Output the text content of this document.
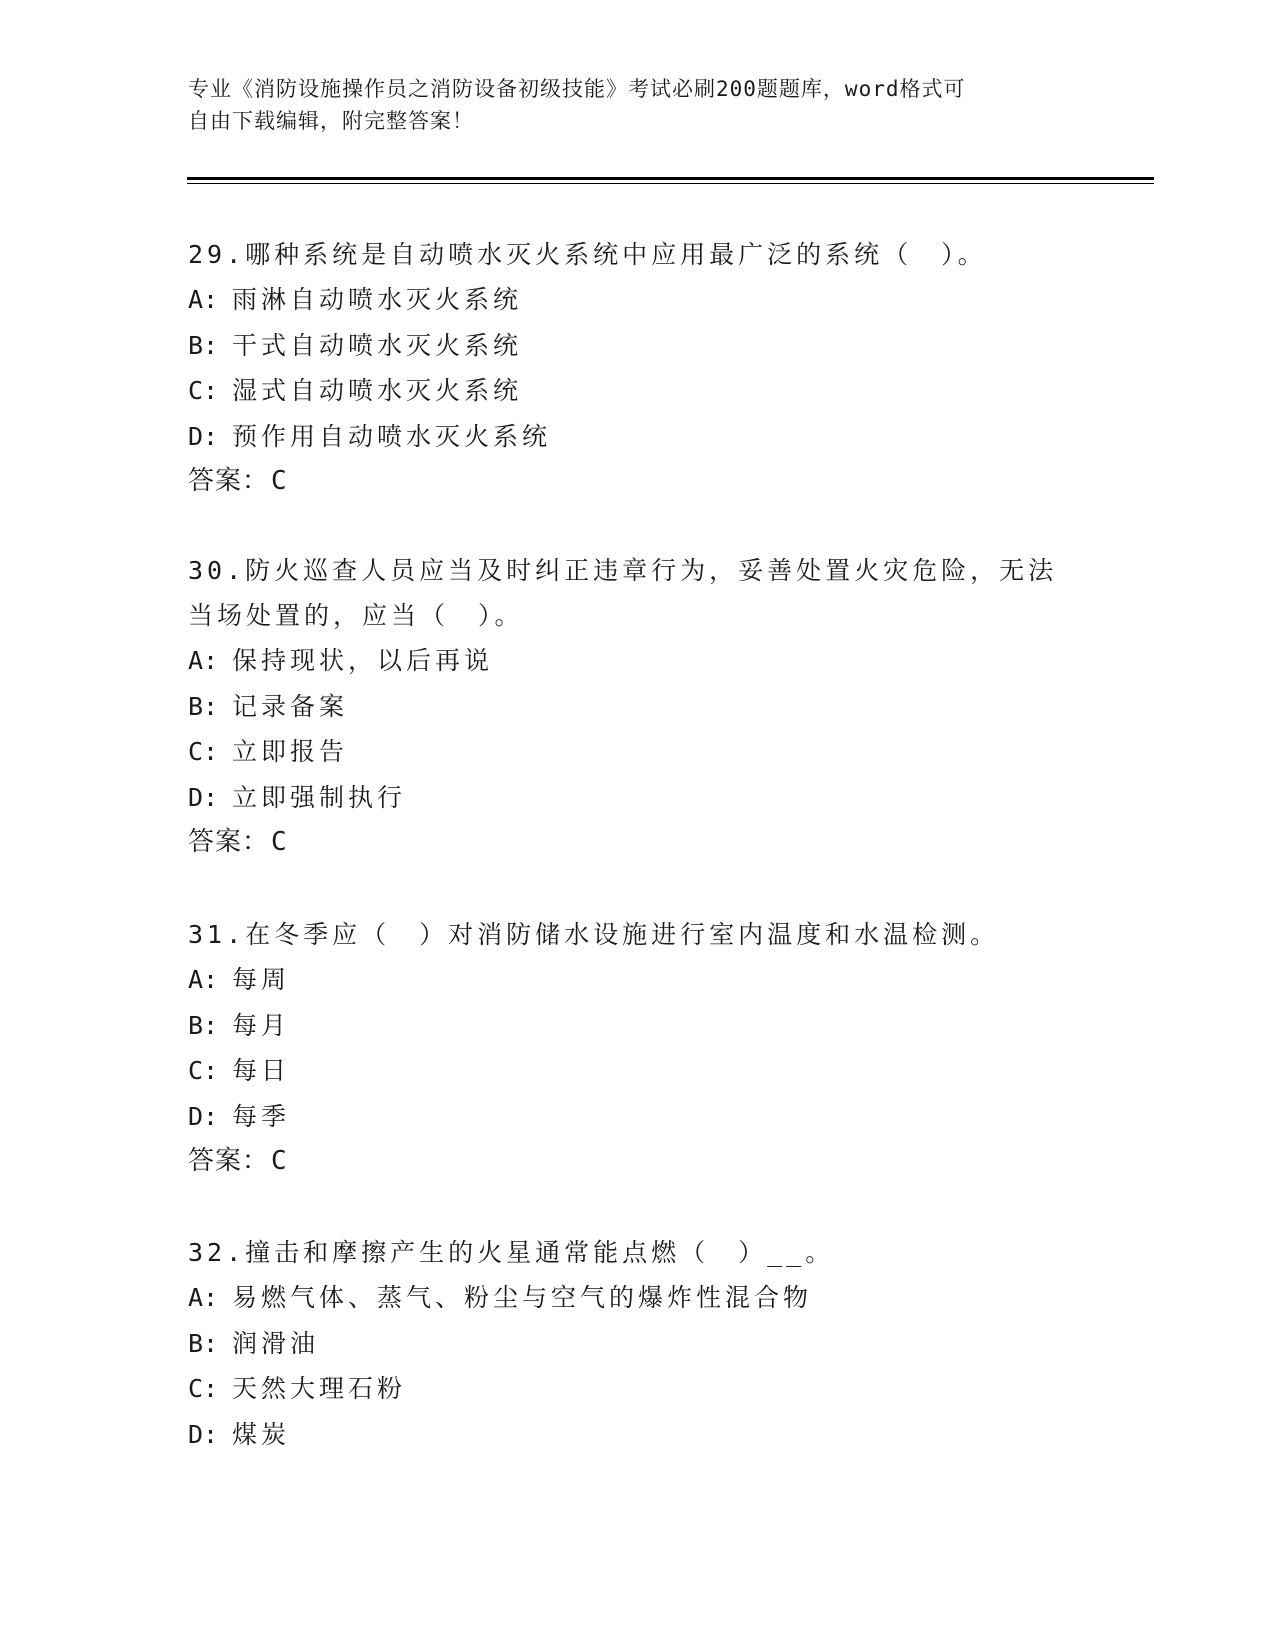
专业《消防设施操作员之消防设备初级技能》考试必刷200题题库，word格式可
自由下载编辑，附完整答案！

29.哪种系统是自动喷水灭火系统中应用最广泛的系统（　）。

A: 雨淋自动喷水灭火系统

B: 干式自动喷水灭火系统

C: 湿式自动喷水灭火系统

D: 预作用自动喷水灭火系统

答案：C

30.防火巡查人员应当及时纠正违章行为，妥善处置火灾危险，无法当场处置的，应当（　）。

A: 保持现状，以后再说

B: 记录备案

C: 立即报告

D: 立即强制执行

答案：C

31.在冬季应（　）对消防储水设施进行室内温度和水温检测。

A: 每周

B: 每月

C: 每日

D: 每季

答案：C

32.撞击和摩擦产生的火星通常能点燃（　）__。

A: 易燃气体、蒸气、粉尘与空气的爆炸性混合物

B: 润滑油

C: 天然大理石粉

D: 煤炭
